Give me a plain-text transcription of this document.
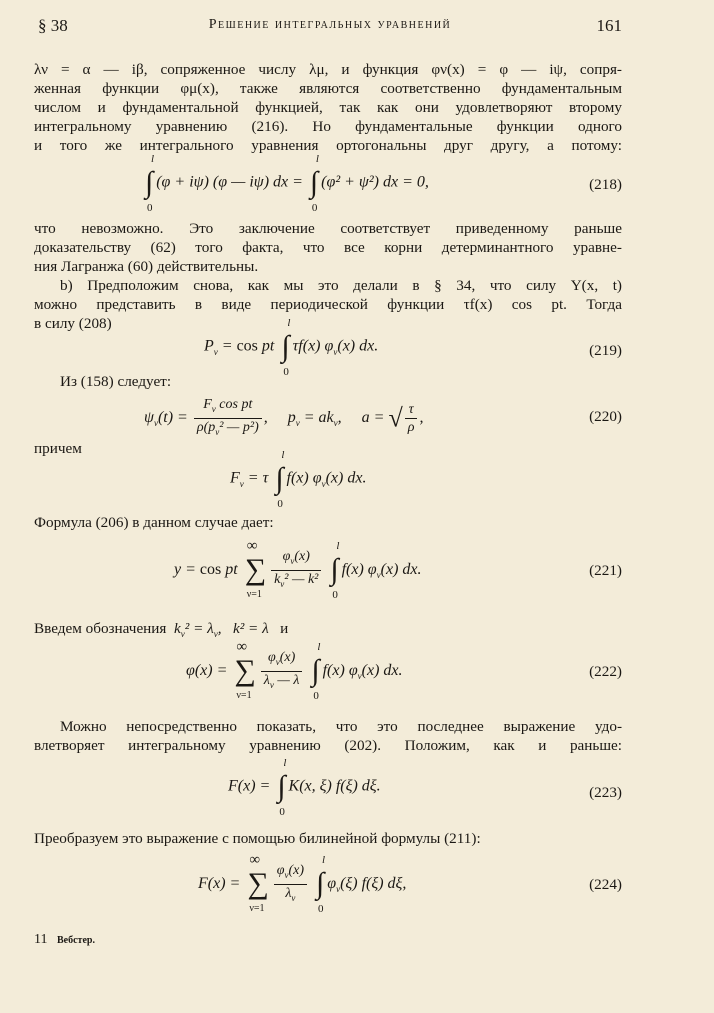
§ 38	Решение интегральных уравнений	161
λν = α — iβ, сопряженное числу λμ, и функция φν(x) = φ — iψ, сопря-
женная функции φμ(x), также являются соответственно фундаментальным
числом и фундаментальной функцией, так как они удовлетворяют второму
интегральному уравнению (216). Но фундаментальные функции одного
и того же интегрального уравнения ортогональны друг другу, а потому:
∫
l
0
(φ + iψ) (φ — iψ) dx = ∫
l
0
(φ² + ψ²) dx = 0,	(218)
что невозможно. Это заключение соответствует приведенному раньше
доказательству (62) того факта, что все корни детерминантного уравне-
ния Лагранжа (60) действительны.
b) Предположим снова, как мы это делали в § 34, что силу Y(x, t)
можно представить в виде периодической функции τf(x) cos pt. Тогда
в силу (208)
$P_\nu = \cos$ pt ∫
l
0
τf(x) $\varphi_\nu(x)$ dx.	(219)
Из (158) следует:
$\psi_\nu(t) = \frac{F_\nu \cos pt}{\rho(p_\nu^2 — p^2)}$ ,     $p_\nu = ak_\nu$,     a = √ $\frac{\tau}{\rho}$ ,	(220)
причем
$F_\nu = \tau$ ∫
l
0
f(x) $\varphi_\nu(x)$ dx.
Формула (206) в данном случае дает:
y = cos pt ∑
∞
ν=1
$\frac{\varphi_\nu(x)}{k_\nu^2 — k^2}$ ∫
l
0
f(x) $\varphi_\nu(x)$ dx.	(221)
Введем обозначения  $k_\nu^2 = \lambda_\nu$,   k² = λ   и
φ(x) = ∑
∞
ν=1
$\frac{\varphi_\nu(x)}{\lambda_\nu — \lambda}$ ∫
l
0
f(x) $\varphi_\nu(x)$ dx.	(222)
Можно непосредственно показать, что это последнее выражение удо-
влетворяет интегральному уравнению (202). Положим, как и раньше:
F(x) = ∫
l
0
K(x, ξ) f(ξ) dξ.	(223)
Преобразуем это выражение с помощью билинейной формулы (211):
F(x) = ∑
∞
ν=1
$\frac{\varphi_\nu(x)}{\lambda_\nu}$ ∫
l
0
$\varphi_\nu(\xi)$ f(ξ) dξ,	(224)
11 Вебстер.
